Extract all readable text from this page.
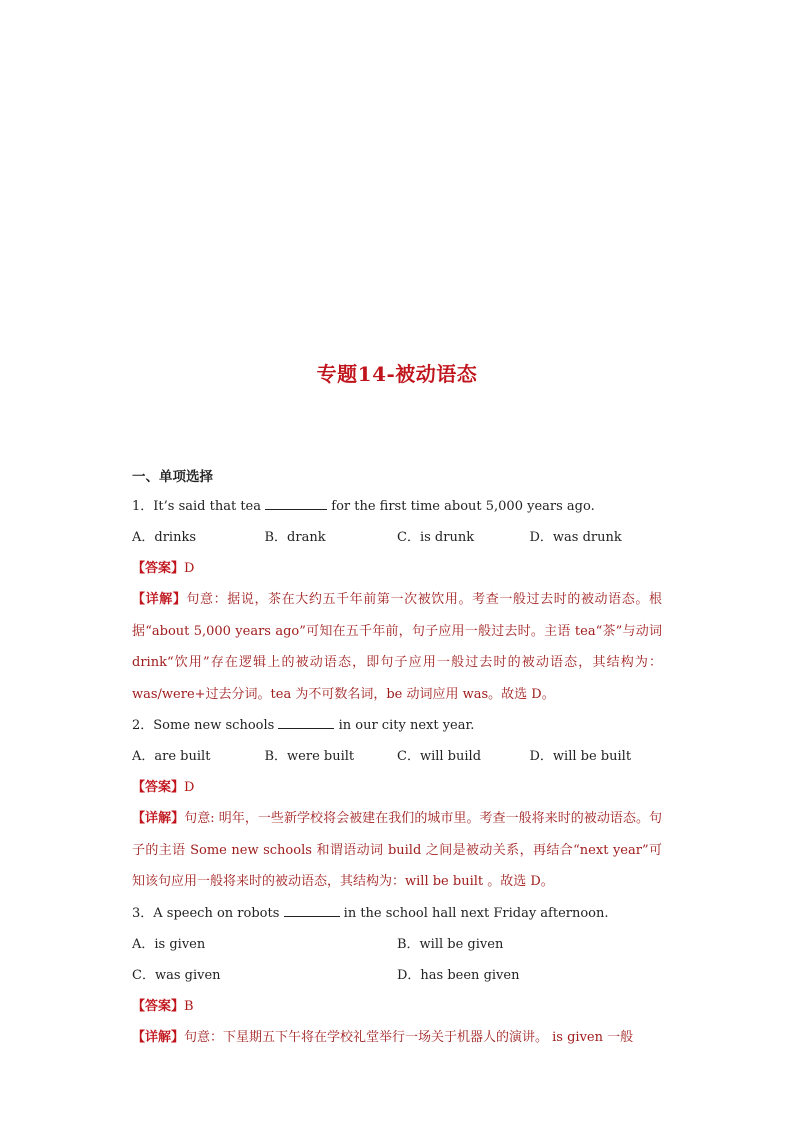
专题14-被动语态
一、单项选择
1．It’s said that tea	for the first time about 5,000 years ago.
A．drinks	B．drank	C．is drunk	D．was drunk
【答案】D
【详解】句意：据说，茶在大约五千年前第一次被饮用。考查一般过去时的被动语态。根据“about 5,000 years ago”可知在五千年前，句子应用一般过去时。主语 tea“茶”与动词 drink“饮用”存在逻辑上的被动语态，即句子应用一般过去时的被动语态，其结构为：was/were+过去分词。tea 为不可数名词，be 动词应用 was。故选 D。
2．Some new schools	in our city next year.
A．are built	B．were built	C．will build	D．will be built
【答案】D
【详解】句意: 明年，一些新学校将会被建在我们的城市里。考查一般将来时的被动语态。句子的主语 Some new schools 和谓语动词 build 之间是被动关系，再结合“next year”可知该句应用一般将来时的被动语态，其结构为：will be built 。故选 D。
3．A speech on robots	in the school hall next Friday afternoon.
A．is given	B．will be given
C．was given	D．has been given
【答案】B
【详解】句意：下星期五下午将在学校礼堂举行一场关于机器人的演讲。 is given 一般
